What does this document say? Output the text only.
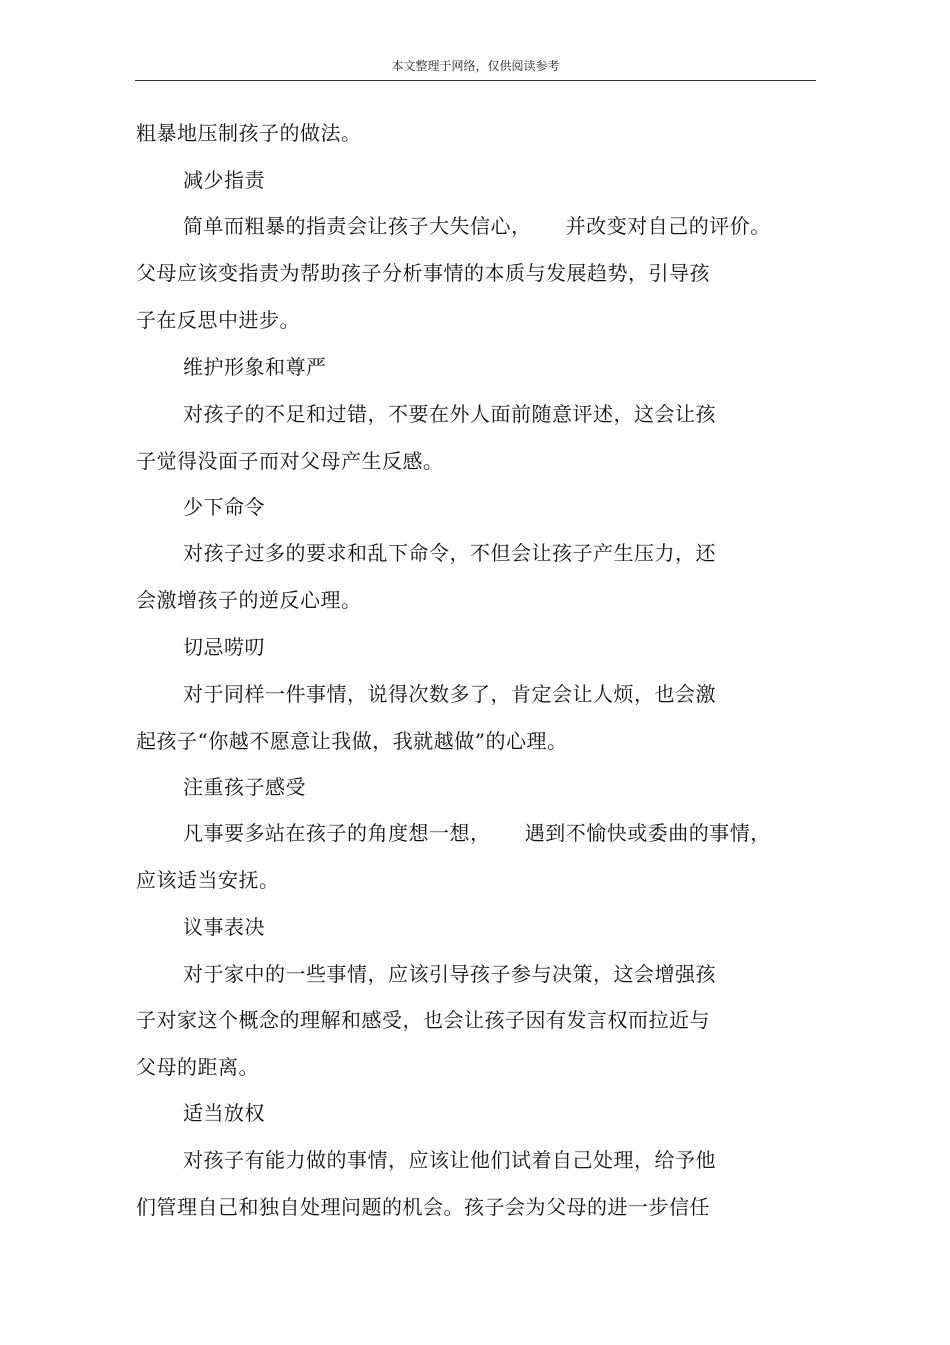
本文整理于网络，仅供阅读参考
粗暴地压制孩子的做法。
减少指责
简单而粗暴的指责会让孩子大失信心，     并改变对自己的评价。
父母应该变指责为帮助孩子分析事情的本质与发展趋势，引导孩
子在反思中进步。
维护形象和尊严
对孩子的不足和过错，不要在外人面前随意评述，这会让孩
子觉得没面子而对父母产生反感。
少下命令
对孩子过多的要求和乱下命令，不但会让孩子产生压力，还
会激增孩子的逆反心理。
切忌唠叨
对于同样一件事情，说得次数多了，肯定会让人烦，也会激
起孩子“你越不愿意让我做，我就越做”的心理。
注重孩子感受
凡事要多站在孩子的角度想一想，     遇到不愉快或委曲的事情，
应该适当安抚。
议事表决
对于家中的一些事情，应该引导孩子参与决策，这会增强孩
子对家这个概念的理解和感受，也会让孩子因有发言权而拉近与
父母的距离。
适当放权
对孩子有能力做的事情，应该让他们试着自己处理，给予他
们管理自己和独自处理问题的机会。孩子会为父母的进一步信任
